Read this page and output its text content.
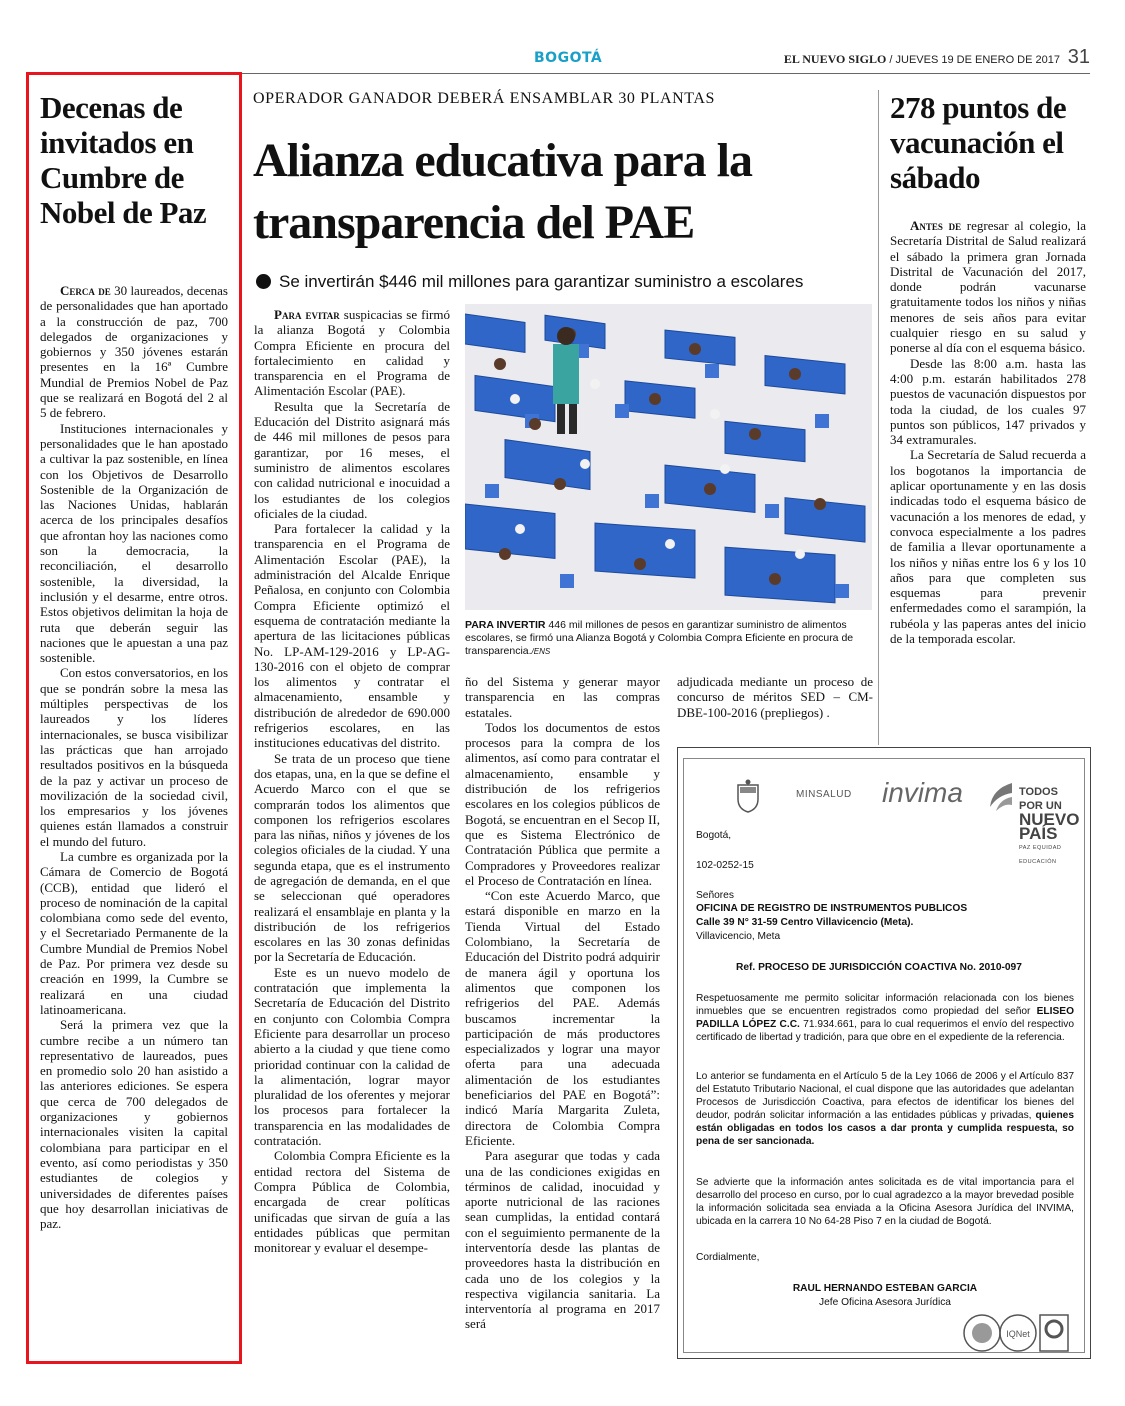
BOGOTÁ	EL NUEVO SIGLO / JUEVES 19 DE ENERO DE 2017 31
Decenas de invitados en Cumbre de Nobel de Paz

Cerca de 30 laureados, decenas de personalidades que han aportado a la construcción de paz, 700 delegados de organizaciones y gobiernos y 350 jóvenes estarán presentes en la 16ª Cumbre Mundial de Premios Nobel de Paz que se realizará en Bogotá del 2 al 5 de febrero.

Instituciones internacionales y personalidades que le han apostado a cultivar la paz sostenible, en línea con los Objetivos de Desarrollo Sostenible de la Organización de las Naciones Unidas, hablarán acerca de los principales desafíos que afrontan hoy las naciones como son la democracia, la reconciliación, el desarrollo sostenible, la diversidad, la inclusión y el desarme, entre otros. Estos objetivos delimitan la hoja de ruta que deberán seguir las naciones que le apuestan a una paz sostenible.

Con estos conversatorios, en los que se pondrán sobre la mesa las múltiples perspectivas de los laureados y los líderes internacionales, se busca visibilizar las prácticas que han arrojado resultados positivos en la búsqueda de la paz y activar un proceso de movilización de la sociedad civil, los empresarios y los jóvenes quienes están llamados a construir el mundo del futuro.

La cumbre es organizada por la Cámara de Comercio de Bogotá (CCB), entidad que lideró el proceso de nominación de la capital colombiana como sede del evento, y el Secretariado Permanente de la Cumbre Mundial de Premios Nobel de Paz. Por primera vez desde su creación en 1999, la Cumbre se realizará en una ciudad latinoamericana.

Será la primera vez que la cumbre recibe a un número tan representativo de laureados, pues en promedio solo 20 han asistido a las anteriores ediciones. Se espera que cerca de 700 delegados de organizaciones y gobiernos internacionales visiten la capital colombiana para participar en el evento, así como periodistas y 350 estudiantes de colegios y universidades de diferentes países que hoy desarrollan iniciativas de paz.

OPERADOR GANADOR DEBERÁ ENSAMBLAR 30 PLANTAS
Alianza educativa para la transparencia del PAE
Se invertirán $446 mil millones para garantizar suministro a escolares

Para evitar suspicacias se firmó la alianza Bogotá y Colombia Compra Eficiente en procura del fortalecimiento en calidad y transparencia en el Programa de Alimentación Escolar (PAE).

Resulta que la Secretaría de Educación del Distrito asignará más de 446 mil millones de pesos para garantizar, por 16 meses, el suministro de alimentos escolares con calidad nutricional e inocuidad a los estudiantes de los colegios oficiales de la ciudad.

Para fortalecer la calidad y la transparencia en el Programa de Alimentación Escolar (PAE), la administración del Alcalde Enrique Peñalosa, en conjunto con Colombia Compra Eficiente optimizó el esquema de contratación mediante la apertura de las licitaciones públicas No. LP-AM-129-2016 y LP-AG-130-2016 con el objeto de comprar los alimentos y contratar el almacenamiento, ensamble y distribución de alrededor de 690.000 refrigerios escolares, en las instituciones educativas del distrito.

Se trata de un proceso que tiene dos etapas, una, en la que se define el Acuerdo Marco con el que se comprarán todos los alimentos que componen los refrigerios escolares para las niñas, niños y jóvenes de los colegios oficiales de la ciudad. Y una segunda etapa, que es el instrumento de agregación de demanda, en el que se seleccionan qué operadores realizará el ensamblaje en planta y la distribución de los refrigerios escolares en las 30 zonas definidas por la Secretaría de Educación.

Este es un nuevo modelo de contratación que implementa la Secretaría de Educación del Distrito en conjunto con Colombia Compra Eficiente para desarrollar un proceso abierto a la ciudad y que tiene como prioridad continuar con la calidad de la alimentación, lograr mayor pluralidad de los oferentes y mejorar los procesos para fortalecer la transparencia en las modalidades de contratación.

Colombia Compra Eficiente es la entidad rectora del Sistema de Compra Pública de Colombia, encargada de crear políticas unificadas que sirvan de guía a las entidades públicas que permitan monitorear y evaluar el desempe-

PARA INVERTIR 446 mil millones de pesos en garantizar suministro de alimentos escolares, se firmó una Alianza Bogotá y Colombia Compra Eficiente en procura de transparencia./ENS

ño del Sistema y generar mayor transparencia en las compras estatales.

Todos los documentos de estos procesos para la compra de los alimentos, así como para contratar el almacenamiento, ensamble y distribución de los refrigerios escolares en los colegios públicos de Bogotá, se encuentran en el Secop II, que es Sistema Electrónico de Contratación Pública que permite a Compradores y Proveedores realizar el Proceso de Contratación en línea.

“Con este Acuerdo Marco, que estará disponible en marzo en la Tienda Virtual del Estado Colombiano, la Secretaría de Educación del Distrito podrá adquirir de manera ágil y oportuna los alimentos que componen los refrigerios del PAE. Además buscamos incrementar la participación de más productores especializados y lograr una mayor oferta para una adecuada alimentación de los estudiantes beneficiarios del PAE en Bogotá”: indicó María Margarita Zuleta, directora de Colombia Compra Eficiente.

Para asegurar que todas y cada una de las condiciones exigidas en términos de calidad, inocuidad y aporte nutricional de las raciones sean cumplidas, la entidad contará con el seguimiento permanente de la interventoría desde las plantas de proveedores hasta la distribución en cada uno de los colegios y la respectiva vigilancia sanitaria. La interventoría al programa en 2017 será

adjudicada mediante un proceso de concurso de méritos SED – CM-DBE-100-2016 (prepliegos) .

278 puntos de vacunación el sábado

Antes de regresar al colegio, la Secretaría Distrital de Salud realizará el sábado la primera gran Jornada Distrital de Vacunación del 2017, donde podrán vacunarse gratuitamente todos los niños y niñas menores de seis años para evitar cualquier riesgo en su salud y ponerse al día con el esquema básico.

Desde las 8:00 a.m. hasta las 4:00 p.m. estarán habilitados 278 puestos de vacunación dispuestos por toda la ciudad, de los cuales 97 puntos son públicos, 147 privados y 34 extramurales.

La Secretaría de Salud recuerda a los bogotanos la importancia de aplicar oportunamente y en las dosis indicadas todo el esquema básico de vacunación a los menores de edad, y convoca especialmente a los padres de familia a llevar oportunamente a los niños y niñas entre los 6 y los 10 años para que completen sus esquemas para prevenir enfermedades como el sarampión, la rubéola y las paperas antes del inicio de la temporada escolar.

MINSALUD invima	TODOS POR UN
NUEVO PAÍS
PAZ EQUIDAD EDUCACIÓN
Bogotá,
102-0252-15
Señores
OFICINA DE REGISTRO DE INSTRUMENTOS PUBLICOS
Calle 39 N° 31-59 Centro Villavicencio (Meta).
Villavicencio, Meta
Ref. PROCESO DE JURISDICCIÓN COACTIVA No. 2010-097
Respetuosamente me permito solicitar información relacionada con los bienes inmuebles que se encuentren registrados como propiedad del señor ELISEO PADILLA LÓPEZ C.C. 71.934.661, para lo cual requerimos el envío del respectivo certificado de libertad y tradición, para que obre en el expediente de la referencia.
Lo anterior se fundamenta en el Artículo 5 de la Ley 1066 de 2006 y el Artículo 837 del Estatuto Tributario Nacional, el cual dispone que las autoridades que adelantan Procesos de Jurisdicción Coactiva, para efectos de identificar los bienes del deudor, podrán solicitar información a las entidades públicas y privadas, quienes están obligadas en todos los casos a dar pronta y cumplida respuesta, so pena de ser sancionada.
Se advierte que la información antes solicitada es de vital importancia para el desarrollo del proceso en curso, por lo cual agradezco a la mayor brevedad posible la información solicitada sea enviada a la Oficina Asesora Jurídica del INVIMA, ubicada en la carrera 10 No 64-28 Piso 7 en la ciudad de Bogotá.
Cordialmente,
RAUL HERNANDO ESTEBAN GARCIA
Jefe Oficina Asesora Jurídica
IQNet
